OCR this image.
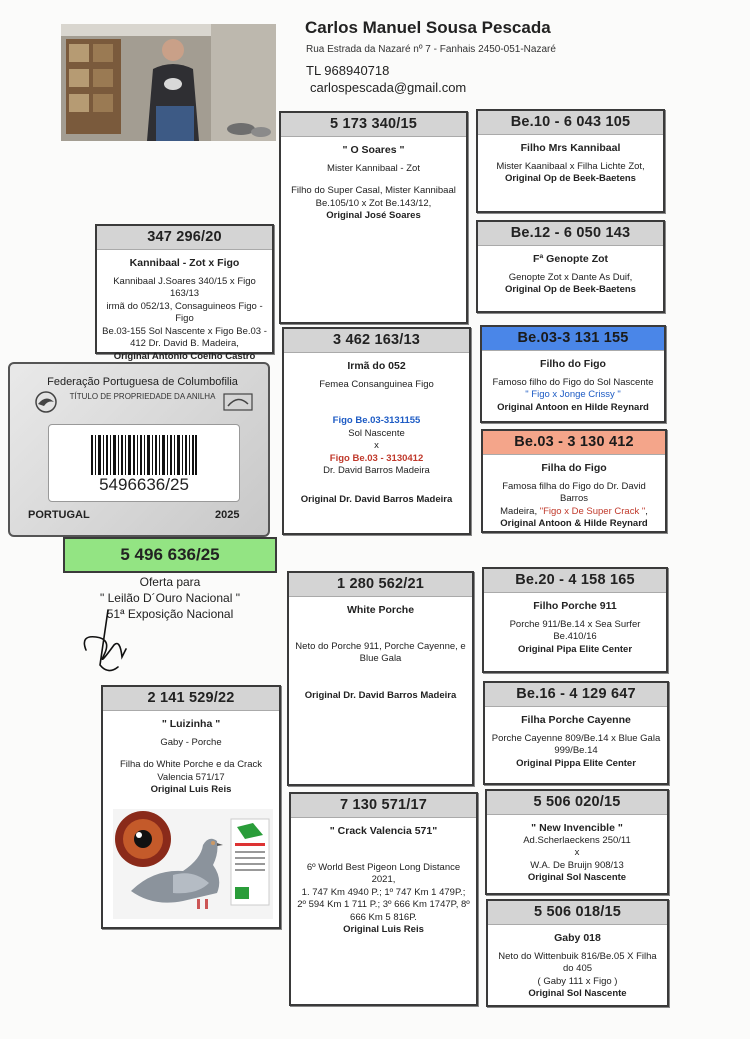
Carlos Manuel Sousa Pescada
Rua Estrada da Nazaré nº 7 - Fanhais 2450-051-Nazaré
TL 968940718
carlospescada@gmail.com
5 173 340/15
" O Soares "
Mister Kannibaal - Zot
Filho do Super Casal, Mister Kannibaal
Be.105/10 x Zot Be.143/12,
Original José Soares
Be.10 - 6 043 105
Filho Mrs Kannibaal
Mister Kaanibaal x Filha Lichte Zot,
Original Op de Beek-Baetens
Be.12 - 6 050 143
Fª Genopte Zot
Genopte Zot x Dante As Duif,
Original Op de Beek-Baetens
347 296/20
Kannibaal - Zot x Figo
Kannibaal J.Soares 340/15 x Figo 163/13
irmã do 052/13, Consaguineos Figo - Figo
Be.03-155 Sol Nascente x Figo Be.03 -
412 Dr. David B. Madeira,
Original Antonio Coelho Castro
3 462 163/13
Irmã do 052
Femea Consanguinea Figo
Figo Be.03-3131155
Sol Nascente
x
Figo Be.03 - 3130412
Dr. David Barros Madeira
Original Dr. David Barros Madeira
Be.03-3 131 155
Filho do Figo
Famoso filho do Figo do Sol Nascente
" Figo x Jonge Crissy "
Original Antoon en Hilde Reynard
Be.03 - 3 130 412
Filha do Figo
Famosa filha do Figo do Dr. David Barros
Madeira, "Figo x De Super Crack ",
Original Antoon & Hilde Reynard
Federação Portuguesa de Columbofilia
TÍTULO DE PROPRIEDADE DA ANILHA
5496636/25
PORTUGAL	2025
5 496 636/25
Oferta para
" Leilão D´Ouro Nacional "
51ª Exposição Nacional
1 280 562/21
White Porche
Neto do Porche 911, Porche Cayenne, e
Blue Gala
Original Dr. David Barros Madeira
Be.20 - 4 158 165
Filho Porche 911
Porche 911/Be.14 x Sea Surfer Be.410/16
Original Pipa Elite Center
Be.16 - 4 129 647
Filha Porche Cayenne
Porche Cayenne 809/Be.14 x Blue Gala
999/Be.14
Original Pippa Elite Center
2 141 529/22
" Luizinha "
Gaby - Porche
Filha do White Porche e da Crack
Valencia 571/17
Original Luis Reis
7 130 571/17
" Crack Valencia 571"
6º World Best Pigeon Long Distance 2021,
1. 747 Km 4940 P.; 1º 747 Km 1 479P.;
2º 594 Km 1 711 P.; 3º 666 Km 1747P, 8º
666 Km 5 816P.
Original Luis Reis
5 506 020/15
" New Invencible "
Ad.Scherlaeckens 250/11
x
W.A. De Bruijn 908/13
Original Sol Nascente
5 506 018/15
Gaby 018
Neto do Wittenbuik 816/Be.05 X Filha do 405
( Gaby 111 x Figo )
Original Sol Nascente
